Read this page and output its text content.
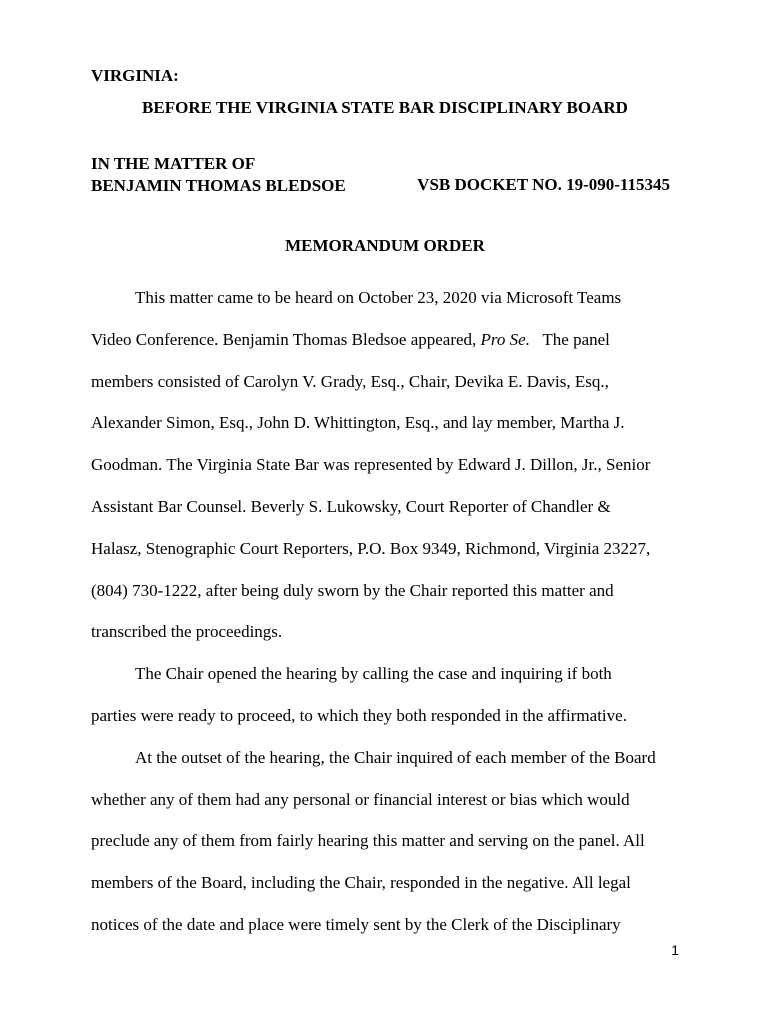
VIRGINIA:
BEFORE THE VIRGINIA STATE BAR DISCIPLINARY BOARD
IN THE MATTER OF
BENJAMIN THOMAS BLEDSOE	VSB DOCKET NO. 19-090-115345
MEMORANDUM ORDER

This matter came to be heard on October 23, 2020 via Microsoft Teams
Video Conference. Benjamin Thomas Bledsoe appeared, Pro Se.   The panel
members consisted of Carolyn V. Grady, Esq., Chair, Devika E. Davis, Esq.,
Alexander Simon, Esq., John D. Whittington, Esq., and lay member, Martha J.
Goodman. The Virginia State Bar was represented by Edward J. Dillon, Jr., Senior
Assistant Bar Counsel. Beverly S. Lukowsky, Court Reporter of Chandler &
Halasz, Stenographic Court Reporters, P.O. Box 9349, Richmond, Virginia 23227,
(804) 730-1222, after being duly sworn by the Chair reported this matter and
transcribed the proceedings.

The Chair opened the hearing by calling the case and inquiring if both
parties were ready to proceed, to which they both responded in the affirmative.

At the outset of the hearing, the Chair inquired of each member of the Board
whether any of them had any personal or financial interest or bias which would
preclude any of them from fairly hearing this matter and serving on the panel. All
members of the Board, including the Chair, responded in the negative. All legal
notices of the date and place were timely sent by the Clerk of the Disciplinary

1
